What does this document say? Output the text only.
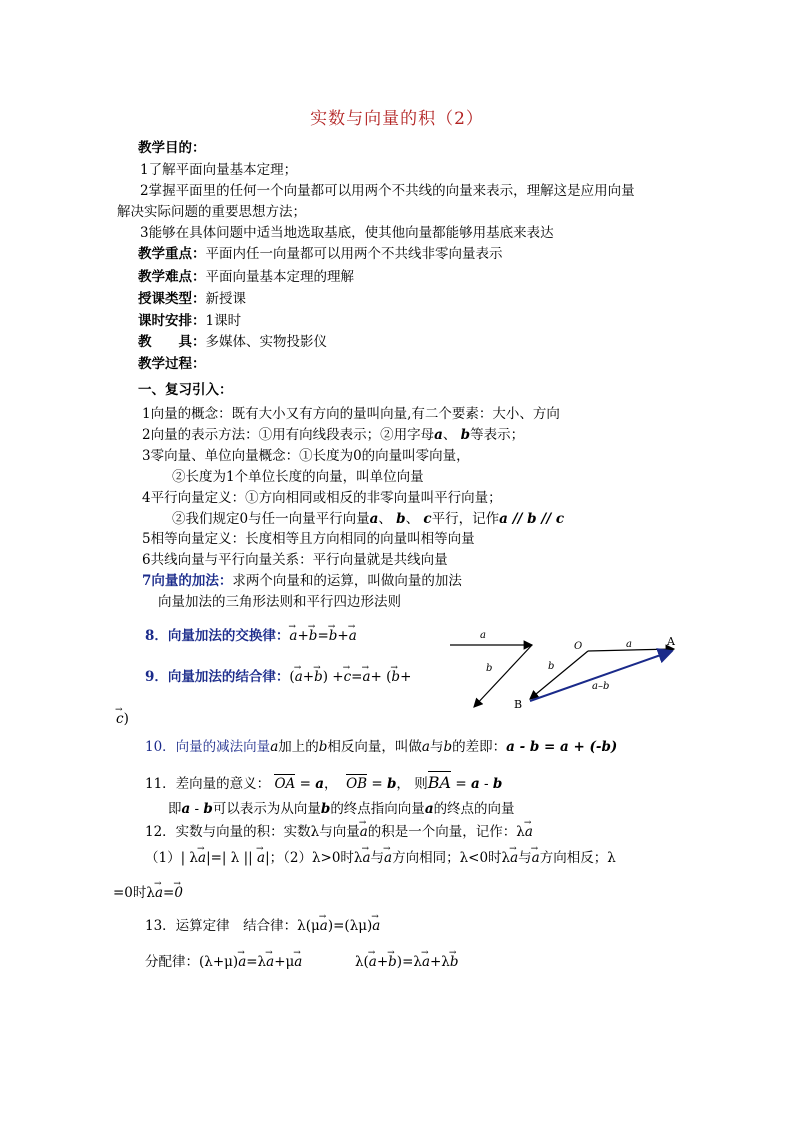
实数与向量的积（2）
教学目的：
1了解平面向量基本定理；
2掌握平面里的任何一个向量都可以用两个不共线的向量来表示，理解这是应用向量
解决实际问题的重要思想方法；
3能够在具体问题中适当地选取基底，使其他向量都能够用基底来表达
教学重点：平面内任一向量都可以用两个不共线非零向量表示
教学难点：平面向量基本定理的理解
授课类型：新授课
课时安排：1课时
教　　具：多媒体、实物投影仪
教学过程：
一、复习引入：
1向量的概念：既有大小又有方向的量叫向量,有二个要素：大小、方向
2向量的表示方法：①用有向线段表示；②用字母a、 b等表示；
3零向量、单位向量概念：①长度为0的向量叫零向量，
②长度为1个单位长度的向量，叫单位向量
4平行向量定义：①方向相同或相反的非零向量叫平行向量；
②我们规定0与任一向量平行向量a、 b、 c平行，记作a // b // c
5相等向量定义：长度相等且方向相同的向量叫相等向量
6共线向量与平行向量关系：平行向量就是共线向量
7向量的加法：求两个向量和的运算，叫做向量的加法
向量加法的三角形法则和平行四边形法则
8．向量加法的交换律：→ a+→ b=→ b+→ a
9．向量加法的结合律：(→ a+→ b) +→ c=→ a+ (→ b+
→ c)
a
b
O	a	A
b
a–b
B
10．向量的减法向量a加上的b相反向量，叫做a与b的差即：a - b = a + (-b)
11．差向量的意义： OA = a，  OB = b， 则BA = a - b
即a - b可以表示为从向量b的终点指向向量a的终点的向量
12．实数与向量的积：实数λ与向量→ a的积是一个向量，记作：λ→ a
（1）| λ→ a|=| λ || → a|；（2）λ>0时λ→ a与→ a方向相同；λ<0时λ→ a与→ a方向相反；λ
=0时λ→ a=→ 0
13．运算定律　结合律：λ(μ→ a)=(λμ)→ a
分配律：(λ+μ)→ a=λ→ a+μ→ a	λ(→ a+→ b)=λ→ a+λ→ b
